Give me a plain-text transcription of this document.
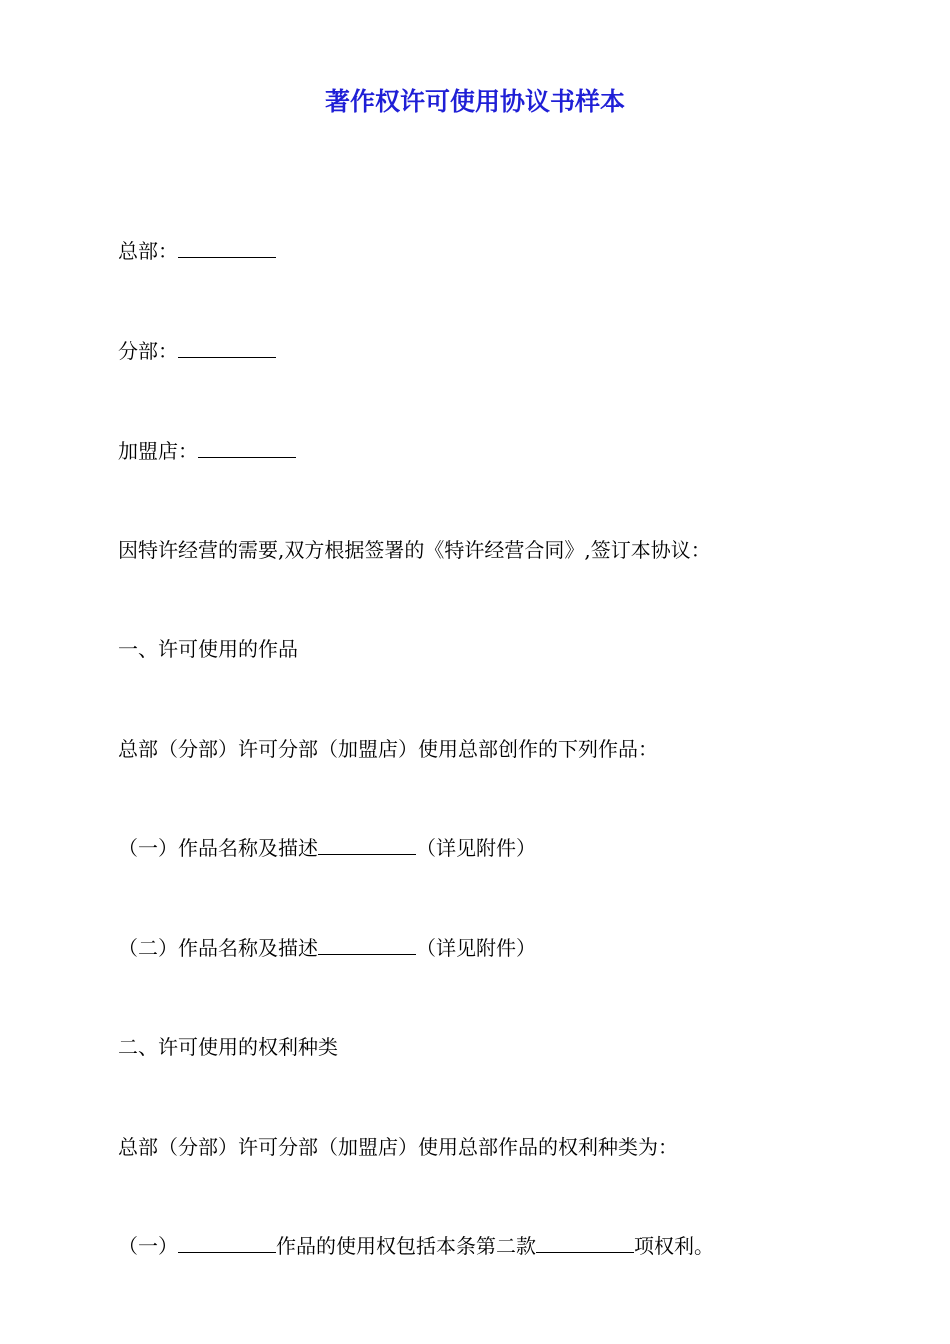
著作权许可使用协议书样本
总部：
分部：
加盟店：
因特许经营的需要,双方根据签署的《特许经营合同》,签订本协议：
一、许可使用的作品
总部（分部）许可分部（加盟店）使用总部创作的下列作品：
（一）作品名称及描述	（详见附件）
（二）作品名称及描述	（详见附件）
二、许可使用的权利种类
总部（分部）许可分部（加盟店）使用总部作品的权利种类为：
（一）	作品的使用权包括本条第二款	项权利。
